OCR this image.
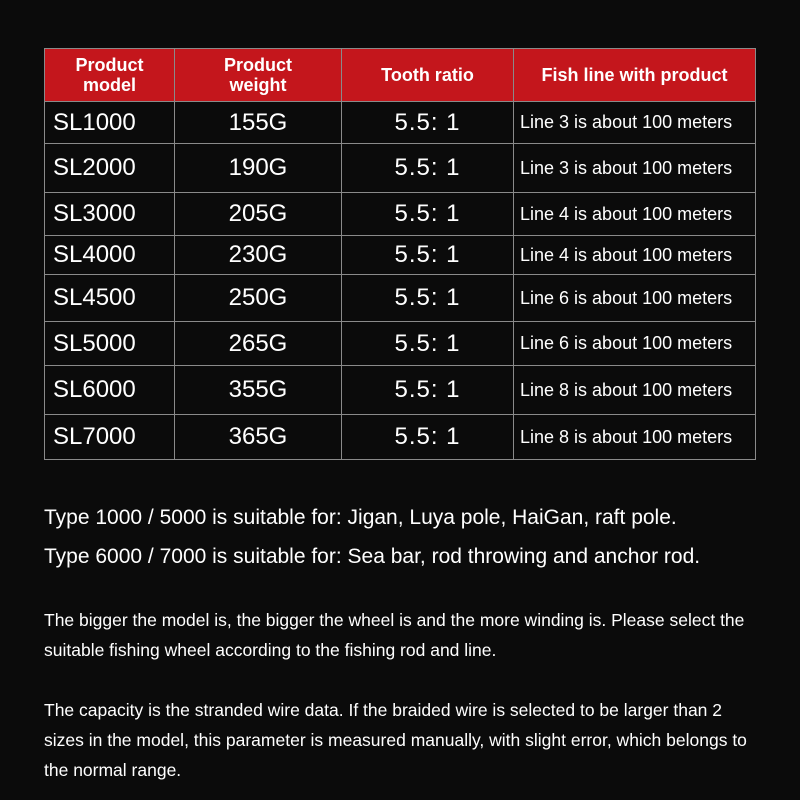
Product model	Product weight	Tooth ratio	Fish line with product
SL1000	155G	5.5: 1	Line 3 is about 100 meters
SL2000	190G	5.5: 1	Line 3 is about 100 meters
SL3000	205G	5.5: 1	Line 4 is about 100 meters
SL4000	230G	5.5: 1	Line 4 is about 100 meters
SL4500	250G	5.5: 1	Line 6 is about 100 meters
SL5000	265G	5.5: 1	Line 6 is about 100 meters
SL6000	355G	5.5: 1	Line 8 is about 100 meters
SL7000	365G	5.5: 1	Line 8 is about 100 meters
Type 1000 / 5000 is suitable for: Jigan, Luya pole, HaiGan, raft pole.
Type 6000 / 7000 is suitable for: Sea bar, rod throwing and anchor rod.
The bigger the model is, the bigger the wheel is and the more winding is. Please select the suitable fishing wheel according to the fishing rod and line.
The capacity is the stranded wire data. If the braided wire is selected to be larger than 2 sizes in the model, this parameter is measured manually, with slight error, which belongs to the normal range.
